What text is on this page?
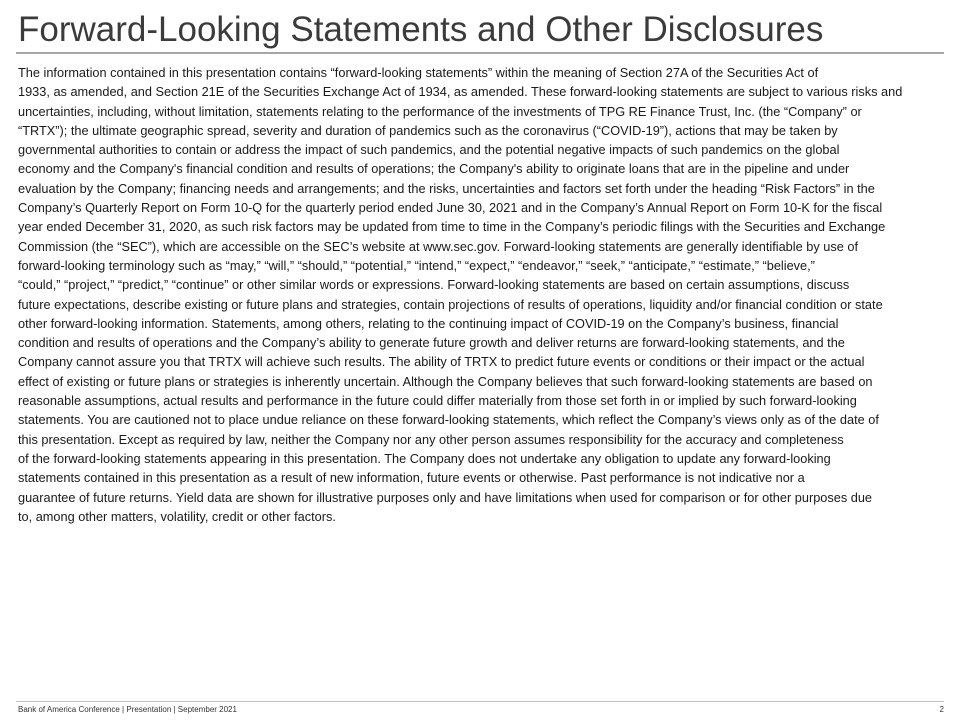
Forward-Looking Statements and Other Disclosures
The information contained in this presentation contains “forward-looking statements” within the meaning of Section 27A of the Securities Act of
1933, as amended, and Section 21E of the Securities Exchange Act of 1934, as amended. These forward-looking statements are subject to various risks and
uncertainties, including, without limitation, statements relating to the performance of the investments of TPG RE Finance Trust, Inc. (the “Company” or
“TRTX”); the ultimate geographic spread, severity and duration of pandemics such as the coronavirus (“COVID-19”), actions that may be taken by
governmental authorities to contain or address the impact of such pandemics, and the potential negative impacts of such pandemics on the global
economy and the Company's financial condition and results of operations; the Company's ability to originate loans that are in the pipeline and under
evaluation by the Company; financing needs and arrangements; and the risks, uncertainties and factors set forth under the heading “Risk Factors” in the
Company’s Quarterly Report on Form 10-Q for the quarterly period ended June 30, 2021 and in the Company’s Annual Report on Form 10-K for the fiscal
year ended December 31, 2020, as such risk factors may be updated from time to time in the Company’s periodic filings with the Securities and Exchange
Commission (the “SEC”), which are accessible on the SEC’s website at www.sec.gov. Forward-looking statements are generally identifiable by use of
forward-looking terminology such as “may,” “will,” “should,” “potential,” “intend,” “expect,” “endeavor,” “seek,” “anticipate,” “estimate,” “believe,”
“could,” “project,” “predict,” “continue” or other similar words or expressions. Forward-looking statements are based on certain assumptions, discuss
future expectations, describe existing or future plans and strategies, contain projections of results of operations, liquidity and/or financial condition or state
other forward-looking information. Statements, among others, relating to the continuing impact of COVID-19 on the Company’s business, financial
condition and results of operations and the Company’s ability to generate future growth and deliver returns are forward-looking statements, and the
Company cannot assure you that TRTX will achieve such results. The ability of TRTX to predict future events or conditions or their impact or the actual
effect of existing or future plans or strategies is inherently uncertain. Although the Company believes that such forward-looking statements are based on
reasonable assumptions, actual results and performance in the future could differ materially from those set forth in or implied by such forward-looking
statements. You are cautioned not to place undue reliance on these forward-looking statements, which reflect the Company’s views only as of the date of
this presentation. Except as required by law, neither the Company nor any other person assumes responsibility for the accuracy and completeness
of the forward-looking statements appearing in this presentation. The Company does not undertake any obligation to update any forward-looking
statements contained in this presentation as a result of new information, future events or otherwise. Past performance is not indicative nor a
guarantee of future returns. Yield data are shown for illustrative purposes only and have limitations when used for comparison or for other purposes due
to, among other matters, volatility, credit or other factors.
Bank of America Conference | Presentation | September 2021	2
